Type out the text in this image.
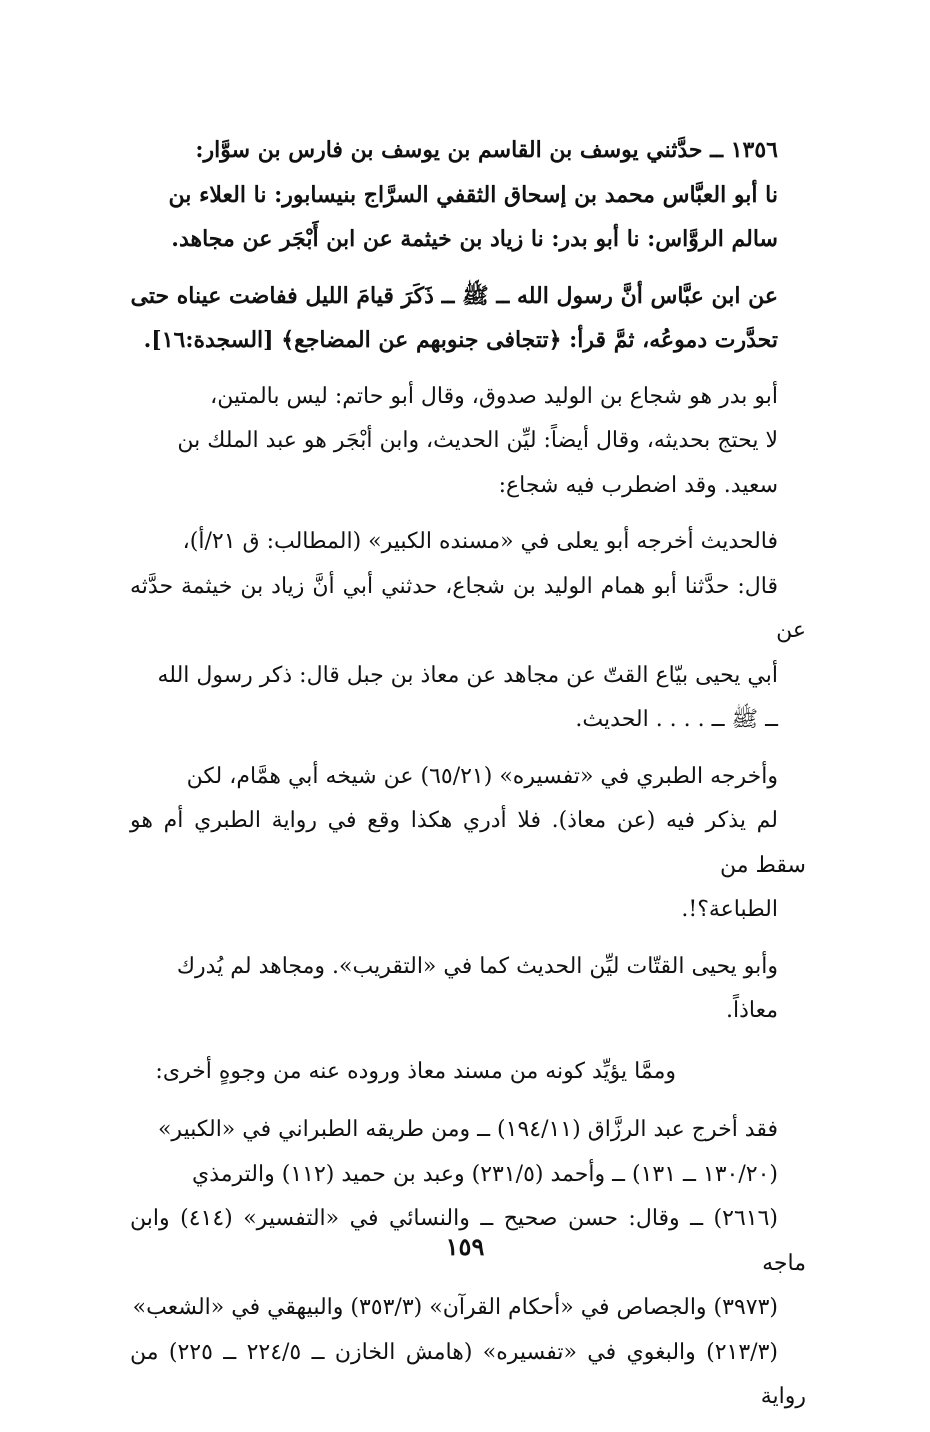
١٣٥٦ ــ حدَّثني يوسف بن القاسم بن يوسف بن فارس بن سوَّار:
نا أبو العبَّاس محمد بن إسحاق الثقفي السرَّاج بنيسابور: نا العلاء بن
سالم الروَّاس: نا أبو بدر: نا زياد بن خيثمة عن ابن أَبْجَر عن مجاهد.

عن ابن عبَّاس أنَّ رسول الله ــ ﷺ ــ ذَكَرَ قيامَ الليل ففاضت عيناه حتى
تحدَّرت دموعُه، ثمَّ قرأ: ﴿تتجافى جنوبهم عن المضاجع﴾ [السجدة:١٦].

أبو بدر هو شجاع بن الوليد صدوق، وقال أبو حاتم: ليس بالمتين،
لا يحتج بحديثه، وقال أيضاً: ليِّن الحديث، وابن أبْجَر هو عبد الملك بن
سعيد. وقد اضطرب فيه شجاع:

فالحديث أخرجه أبو يعلى في «مسنده الكبير» (المطالب: ق ٢١/أ)،
قال: حدَّثنا أبو همام الوليد بن شجاع، حدثني أبي أنَّ زياد بن خيثمة حدَّثه عن
أبي يحيى بيّاع القتّ عن مجاهد عن معاذ بن جبل قال: ذكر رسول الله
ــ ﷺ ــ . . . . الحديث.

وأخرجه الطبري في «تفسيره» (٦٥/٢١) عن شيخه أبي همَّام، لكن
لم يذكر فيه (عن معاذ). فلا أدري هكذا وقع في رواية الطبري أم هو سقط من
الطباعة؟!.

وأبو يحيى القتّات ليِّن الحديث كما في «التقريب». ومجاهد لم يُدرك
معاذاً.

وممَّا يؤيِّد كونه من مسند معاذ وروده عنه من وجوهٍ أخرى:

فقد أخرج عبد الرزَّاق (١٩٤/١١) ــ ومن طريقه الطبراني في «الكبير»
(١٣٠/٢٠ ــ ١٣١) ــ وأحمد (٢٣١/٥) وعبد بن حميد (١١٢) والترمذي
(٢٦١٦) ــ وقال: حسن صحيح ــ والنسائي في «التفسير» (٤١٤) وابن ماجه
(٣٩٧٣) والجصاص في «أحكام القرآن» (٣٥٣/٣) والبيهقي في «الشعب»
(٢١٣/٣) والبغوي في «تفسيره» (هامش الخازن ــ ٢٢٤/٥ ــ ٢٢٥) من رواية

١٥٩
